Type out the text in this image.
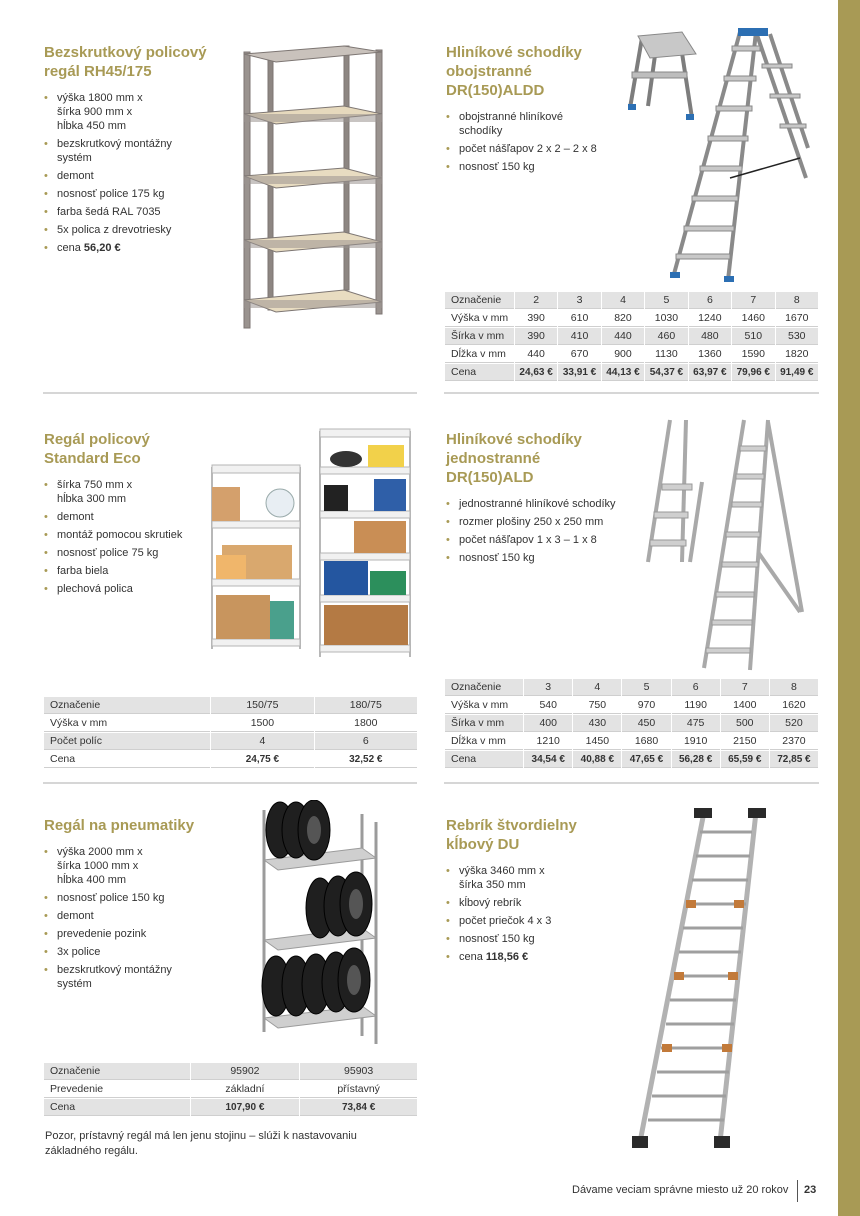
Bezskrutkový policový
regál RH45/175
• výška 1800 mm x
šírka 900 mm x
hĺbka 450 mm
• bezskrutkový montážny
systém
• demont
• nosnosť police 175 kg
• farba šedá RAL 7035
• 5x polica z drevotriesky
• cena 56,20 €
Hliníkové schodíky
obojstranné
DR(150)ALDD
• obojstranné hliníkové
schodíky
• počet nášľapov 2 x 2 – 2 x 8
• nosnosť 150 kg
Označenie	2	3	4	5	6	7	8
Výška v mm	390	610	820	1030	1240	1460	1670
Šírka v mm	390	410	440	460	480	510	530
Dĺžka v mm	440	670	900	1130	1360	1590	1820
Cena	24,63 €	33,91 €	44,13 €	54,37 €	63,97 €	79,96 €	91,49 €
Regál policový
Standard Eco
• šírka 750 mm x
hĺbka 300 mm
• demont
• montáž pomocou skrutiek
• nosnosť police 75 kg
• farba biela
• plechová polica
Označenie	150/75	180/75
Výška v mm	1500	1800
Počet políc	4	6
Cena	24,75 €	32,52 €
Hliníkové schodíky
jednostranné
DR(150)ALD
• jednostranné hliníkové schodíky
• rozmer plošiny 250 x 250 mm
• počet nášľapov 1 x 3 – 1 x 8
• nosnosť 150 kg
Označenie	3	4	5	6	7	8
Výška v mm	540	750	970	1190	1400	1620
Šírka v mm	400	430	450	475	500	520
Dĺžka v mm	1210	1450	1680	1910	2150	2370
Cena	34,54 €	40,88 €	47,65 €	56,28 €	65,59 €	72,85 €
Regál na pneumatiky
• výška 2000 mm x
šírka 1000 mm x
hĺbka 400 mm
• nosnosť police 150 kg
• demont
• prevedenie pozink
• 3x police
• bezskrutkový montážny
systém
Označenie	95902	95903
Prevedenie	základní	přístavný
Cena	107,90 €	73,84 €
Pozor, prístavný regál má len jenu stojinu – slúži k nastavovaniu
základného regálu.
Rebrík štvordielny
kĺbový DU
• výška 3460 mm x
šírka 350 mm
• kĺbový rebrík
• počet priečok 4 x 3
• nosnosť 150 kg
• cena 118,56 €
Dávame veciam správne miesto už 20 rokov 23
